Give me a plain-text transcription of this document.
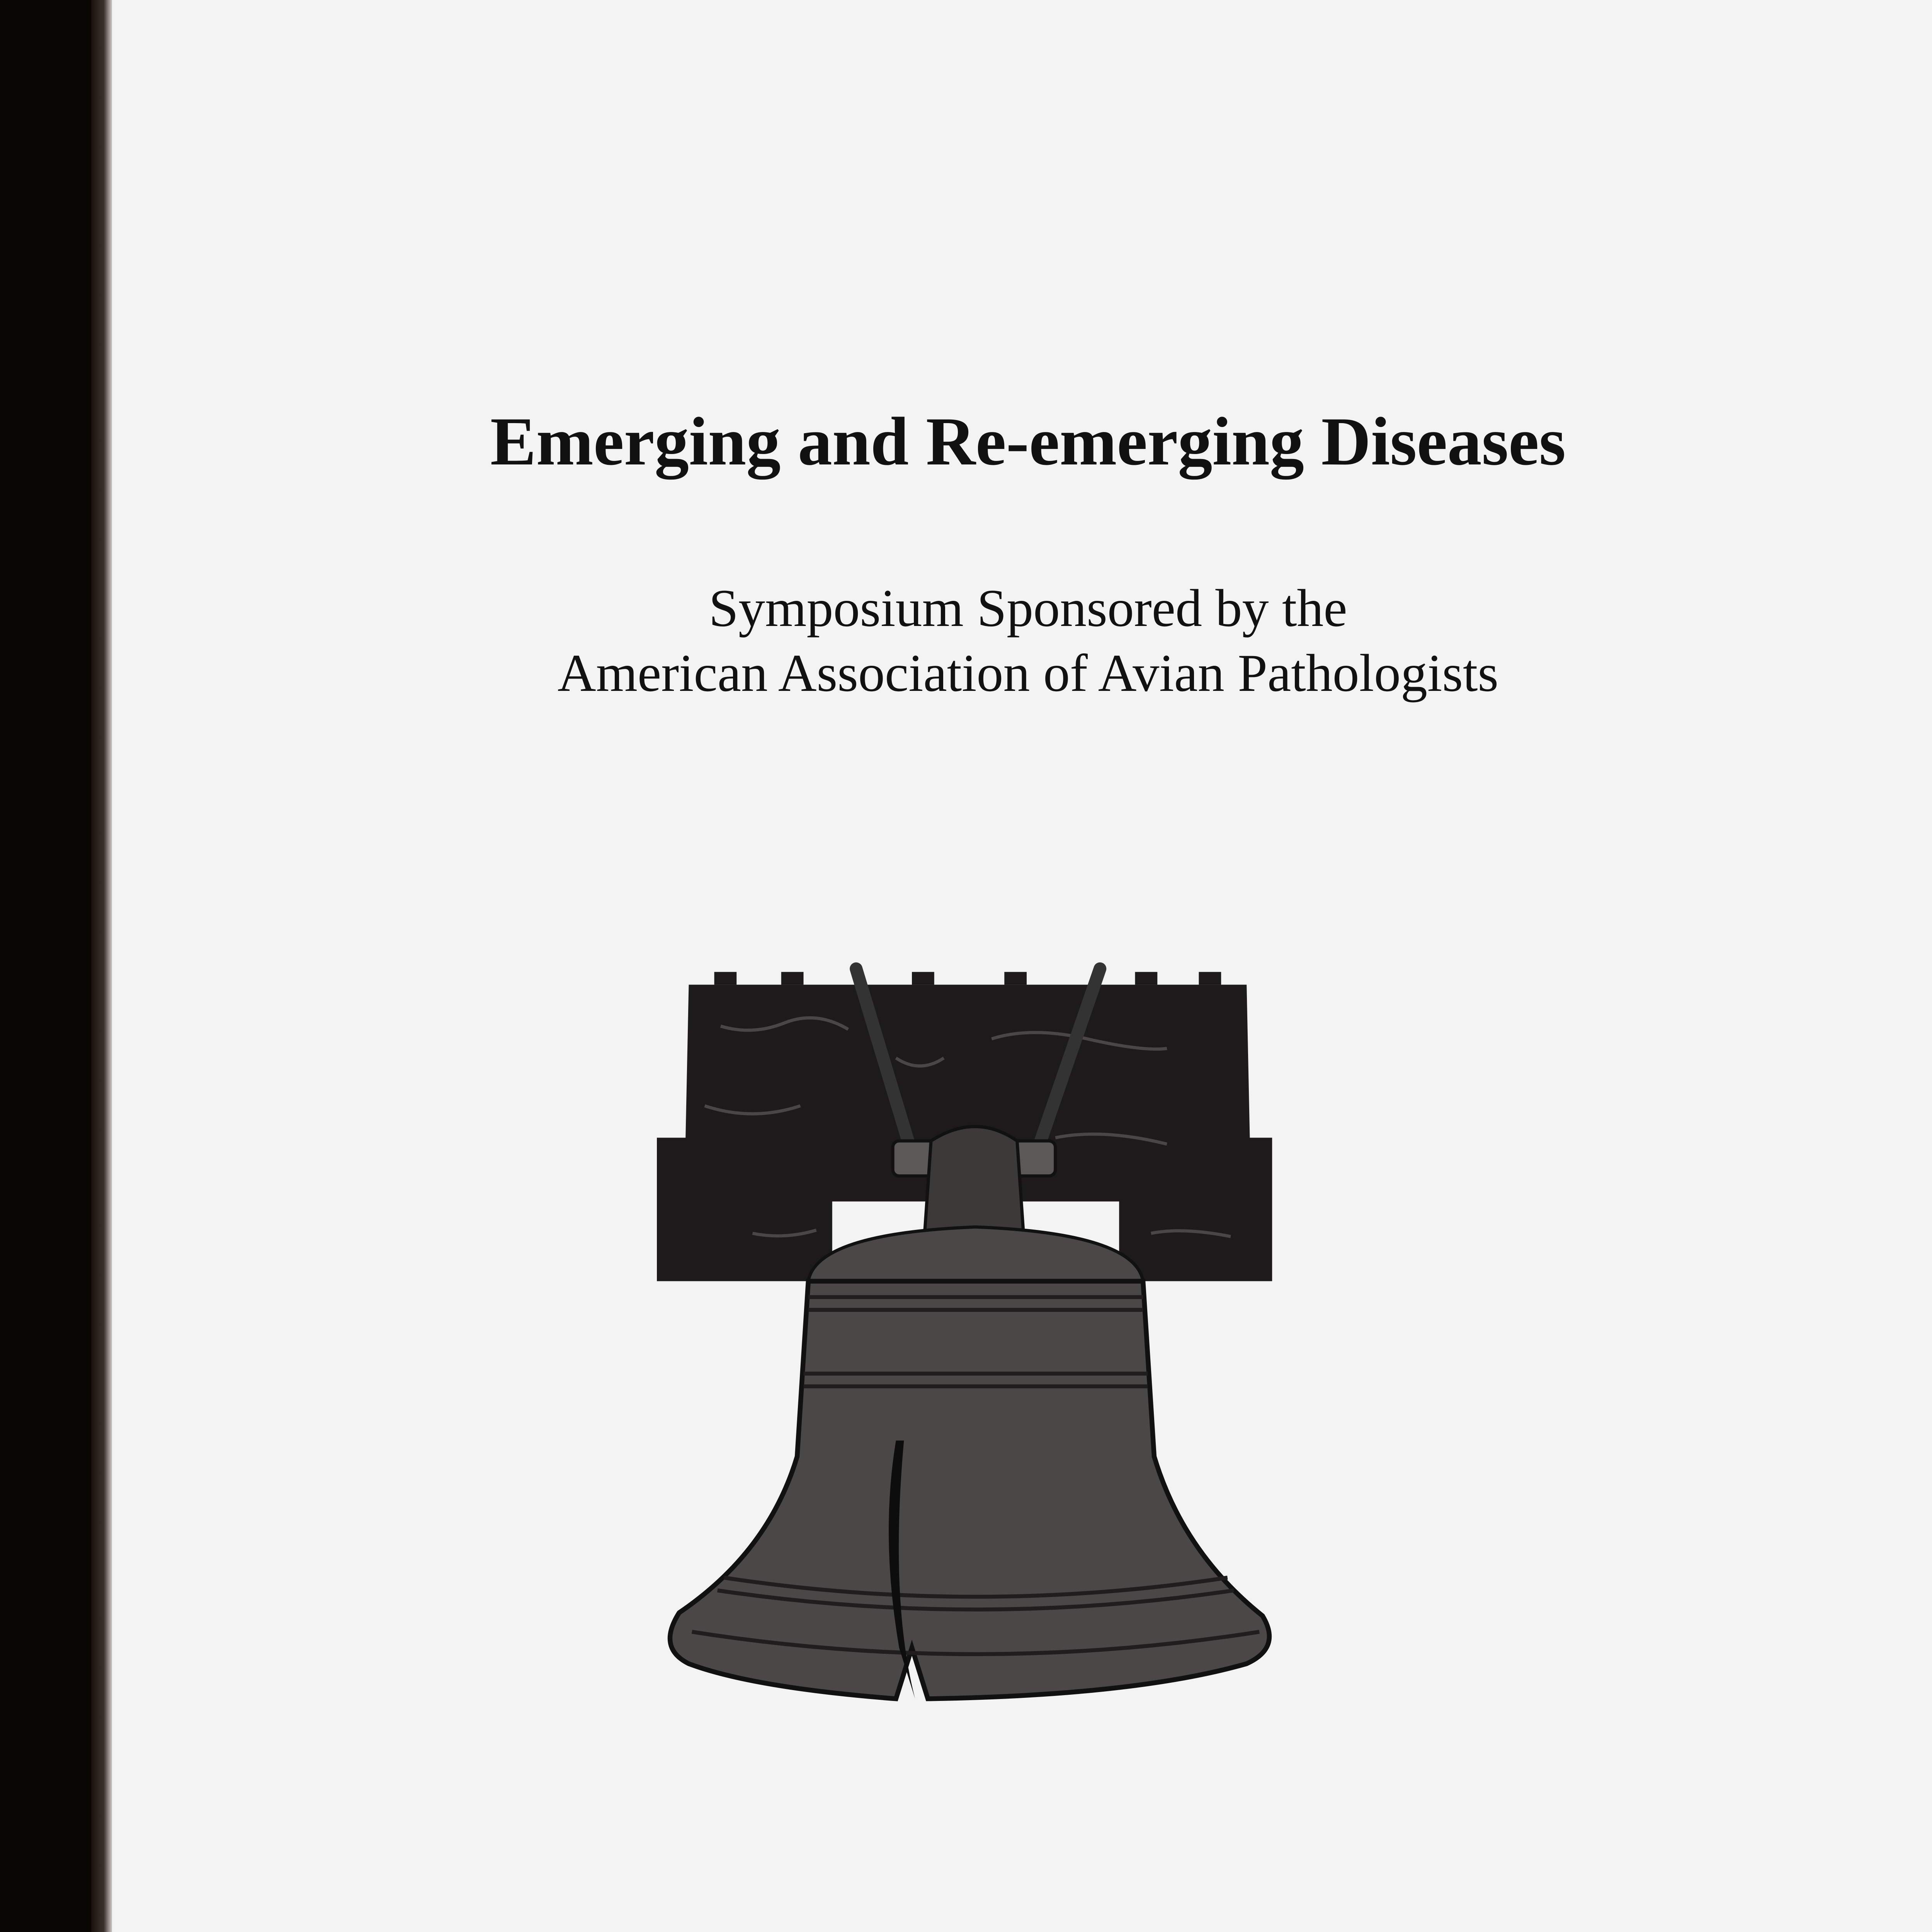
Emerging and Re-emerging Diseases
Symposium Sponsored by the
American Association of Avian Pathologists
